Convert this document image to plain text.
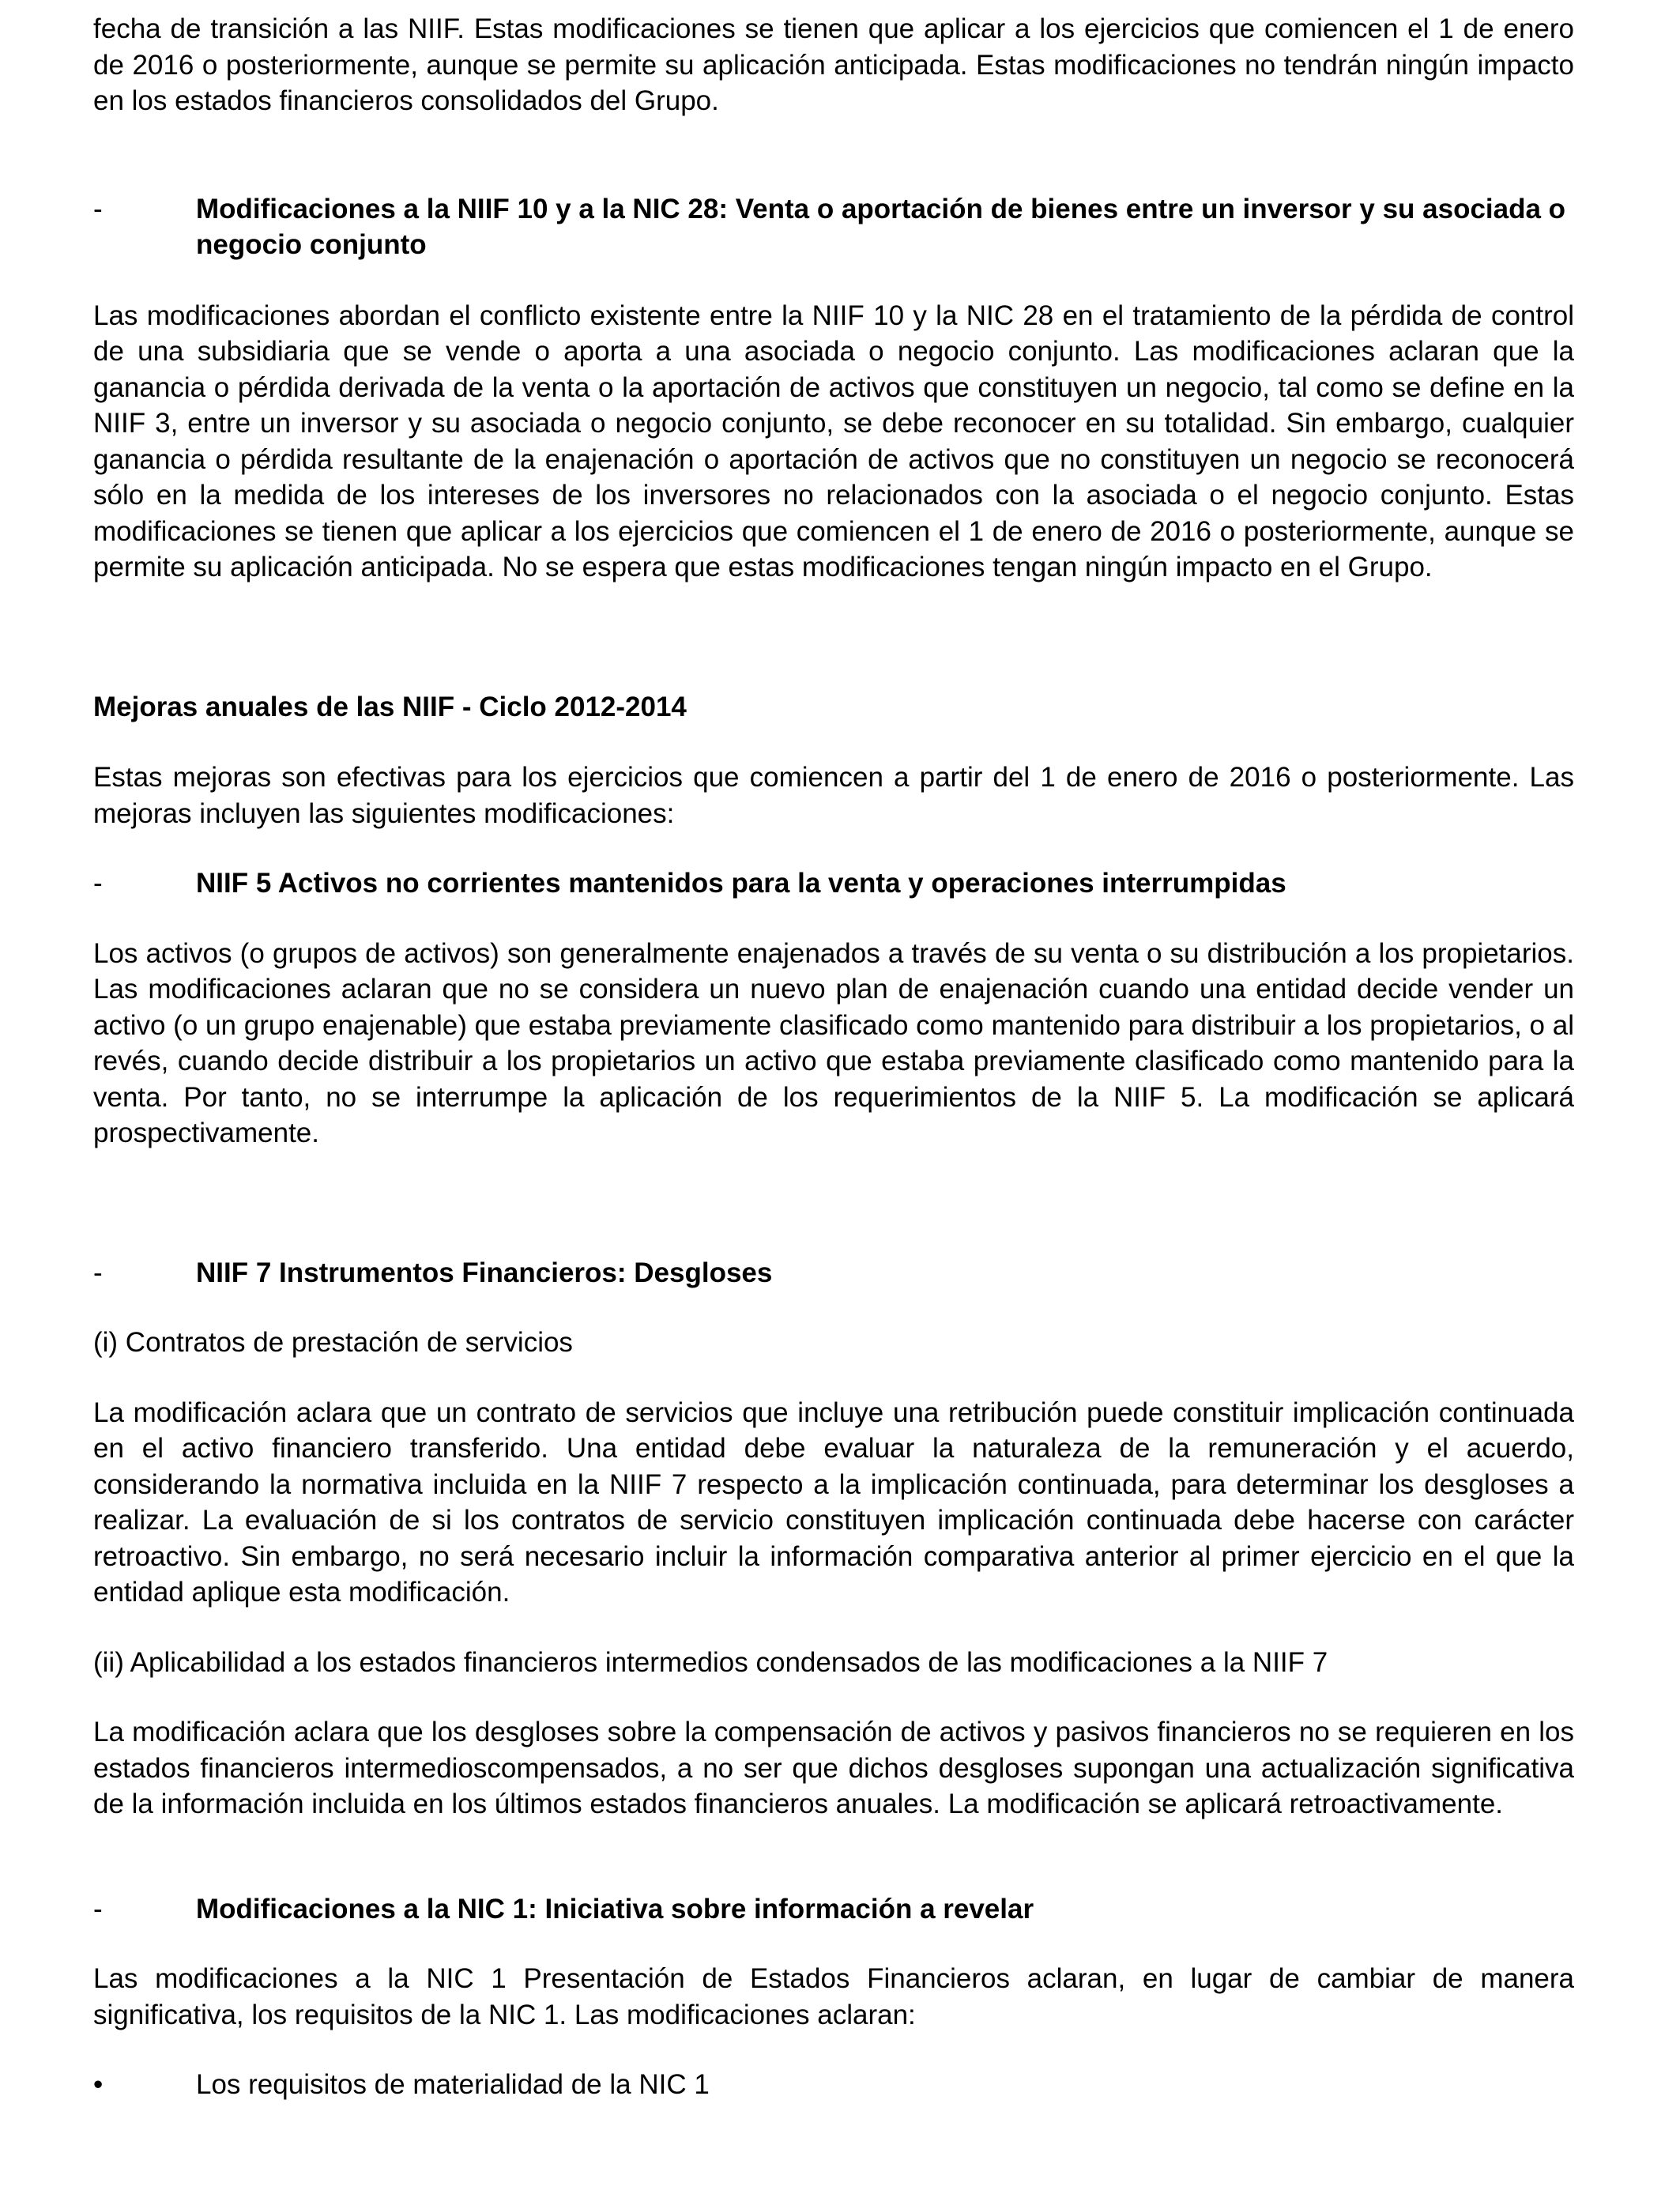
fecha de transición a las NIIF. Estas modificaciones se tienen que aplicar a los ejercicios que comiencen el 1 de enero de 2016 o posteriormente, aunque se permite su aplicación anticipada. Estas modificaciones no tendrán ningún impacto en los estados financieros consolidados del Grupo.

-	Modificaciones a la NIIF 10 y a la NIC 28: Venta o aportación de bienes entre un inversor y su asociada o negocio conjunto

Las modificaciones abordan el conflicto existente entre la NIIF 10 y la NIC 28 en el tratamiento de la pérdida de control de una subsidiaria que se vende o aporta a una asociada o negocio conjunto. Las modificaciones aclaran que la ganancia o pérdida derivada de la venta o la aportación de activos que constituyen un negocio, tal como se define en la NIIF 3, entre un inversor y su asociada o negocio conjunto, se debe reconocer en su totalidad. Sin embargo, cualquier ganancia o pérdida resultante de la enajenación o aportación de activos que no constituyen un negocio se reconocerá sólo en la medida de los intereses de los inversores no relacionados con la asociada o el negocio conjunto. Estas modificaciones se tienen que aplicar a los ejercicios que comiencen el 1 de enero de 2016 o posteriormente, aunque se permite su aplicación anticipada. No se espera que estas modificaciones tengan ningún impacto en el Grupo.

Mejoras anuales de las NIIF - Ciclo 2012-2014

Estas mejoras son efectivas para los ejercicios que comiencen a partir del 1 de enero de 2016 o posteriormente. Las mejoras incluyen las siguientes modificaciones:

-	NIIF 5 Activos no corrientes mantenidos para la venta y operaciones interrumpidas

Los activos (o grupos de activos) son generalmente enajenados a través de su venta o su distribución a los propietarios. Las modificaciones aclaran que no se considera un nuevo plan de enajenación cuando una entidad decide vender un activo (o un grupo enajenable) que estaba previamente clasificado como mantenido para distribuir a los propietarios, o al revés, cuando decide distribuir a los propietarios un activo que estaba previamente clasificado como mantenido para la venta. Por tanto, no se interrumpe la aplicación de los requerimientos de la NIIF 5. La modificación se aplicará prospectivamente.

-	NIIF 7 Instrumentos Financieros: Desgloses
(i) Contratos de prestación de servicios

La modificación aclara que un contrato de servicios que incluye una retribución puede constituir implicación continuada en el activo financiero transferido. Una entidad debe evaluar la naturaleza de la remuneración y el acuerdo, considerando la normativa incluida en la NIIF 7 respecto a la implicación continuada, para determinar los desgloses a realizar. La evaluación de si los contratos de servicio constituyen implicación continuada debe hacerse con carácter retroactivo. Sin embargo, no será necesario incluir la información comparativa anterior al primer ejercicio en el que la entidad aplique esta modificación.

(ii) Aplicabilidad a los estados financieros intermedios condensados de las modificaciones a la NIIF 7

La modificación aclara que los desgloses sobre la compensación de activos y pasivos financieros no se requieren en los estados financieros intermedioscompensados, a no ser que dichos desgloses supongan una actualización significativa de la información incluida en los últimos estados financieros anuales. La modificación se aplicará retroactivamente.

-	Modificaciones a la NIC 1: Iniciativa sobre información a revelar

Las modificaciones a la NIC 1 Presentación de Estados Financieros aclaran, en lugar de cambiar de manera significativa, los requisitos de la NIC 1. Las modificaciones aclaran:

•	Los requisitos de materialidad de la NIC 1
